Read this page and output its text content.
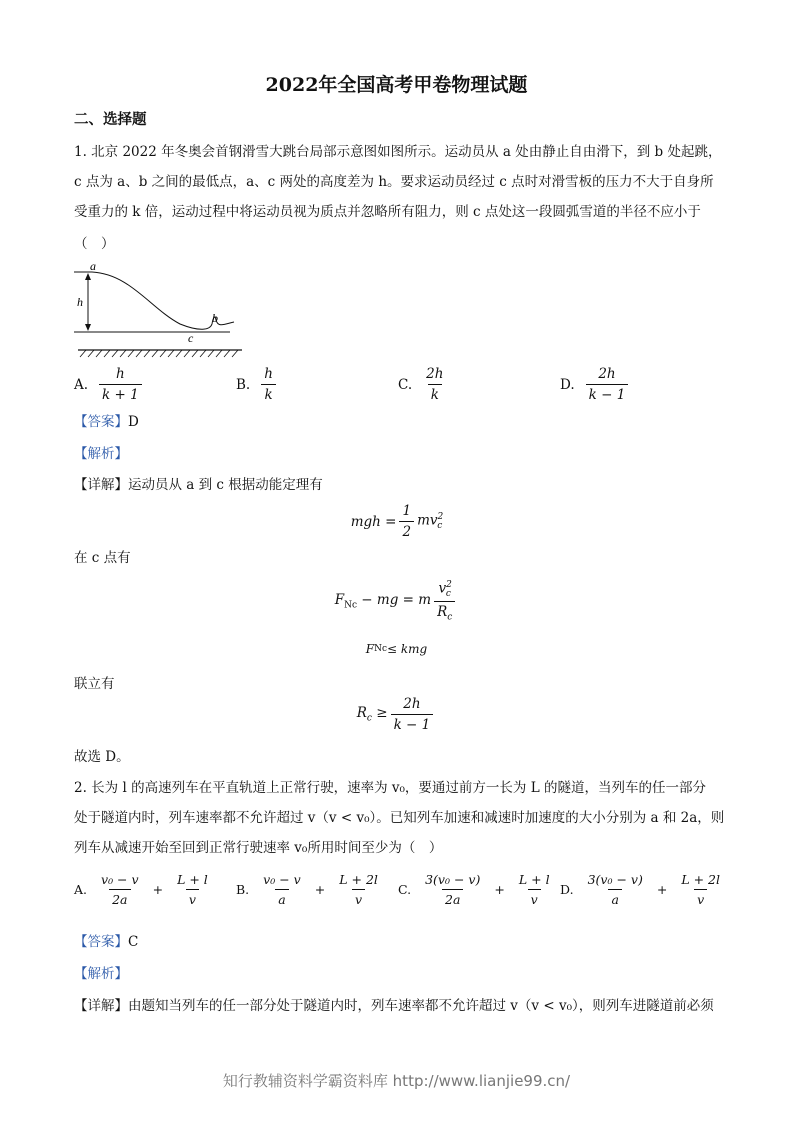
2022年全国高考甲卷物理试题
二、选择题
1. 北京 2022 年冬奥会首钢滑雪大跳台局部示意图如图所示。运动员从 a 处由静止自由滑下，到 b 处起跳，
c 点为 a、b 之间的最低点，a、c 两处的高度差为 h。要求运动员经过 c 点时对滑雪板的压力不大于自身所
受重力的 k 倍，运动过程中将运动员视为质点并忽略所有阻力，则 c 点处这一段圆弧雪道的半径不应小于
（　）
a
h
b
c
A. $\frac{h}{k + 1}$	B. $\frac{h}{k}$	C. $\frac{2h}{k}$	D. $\frac{2h}{k - 1}$
【答案】D
【解析】
【详解】运动员从 a 到 c 根据动能定理有
mgh = $\frac{1}{2} mv^2_c$
在 c 点有
$F_{Nc}$ − mg = m $\frac{v^2_c}{R_c}$
F Nc ≤ kmg
联立有
$R_c \ge \frac{2h}{k - 1}$
故选 D。
2. 长为 l 的高速列车在平直轨道上正常行驶，速率为 v₀，要通过前方一长为 L 的隧道，当列车的任一部分
处于隧道内时，列车速率都不允许超过 v（v < v₀）。已知列车加速和减速时加速度的大小分别为 a 和 2a，则
列车从减速开始至回到正常行驶速率 v₀所用时间至少为（　）
A. $\frac{\text{v₀ − v}}{2a} + \frac{L + l}{v} B$. $\frac{\text{v₀ − v}}{a} + \frac{L + 2l}{v} C$. $\frac{\text{3(v₀ − v)}}{2a} + \frac{L + l}{v} D$. $\frac{\text{3(v₀ − v)}}{a} + \frac{L + 2l}{v}$
【答案】C
【解析】
【详解】由题知当列车的任一部分处于隧道内时，列车速率都不允许超过 v（v < v₀），则列车进隧道前必须
知行教辅资料学霸资料库 http://www.lianjie99.cn/
